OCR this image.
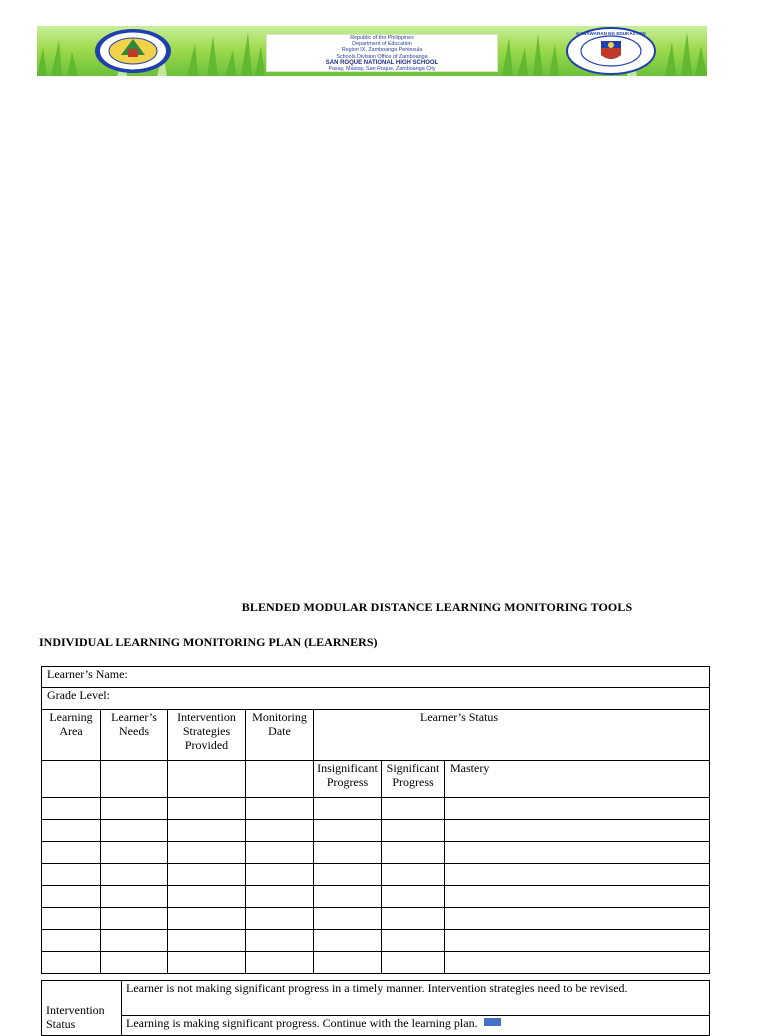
Republic of the Philippines
Department of Education
Region IX, Zamboanga Peninsula
Schools Division Office of Zamboanga
SAN ROQUE NATIONAL HIGH SCHOOL
Pasay, Mastay, San Roque, Zamboanga City
KAGAWARAN NG EDUKASYON
BLENDED MODULAR DISTANCE LEARNING MONITORING TOOLS
INDIVIDUAL LEARNING MONITORING PLAN (LEARNERS)
Learner’s Name:						
Grade Level:						
Learning Area	Learner’s Needs	Intervention Strategies Provided	Monitoring Date	Learner’s Status		
				Insignificant Progress	Significant Progress	Mastery

Intervention Status	Learner is not making significant progress in a timely manner. Intervention strategies need to be revised.
Learning is making significant progress. Continue with the learning plan.
